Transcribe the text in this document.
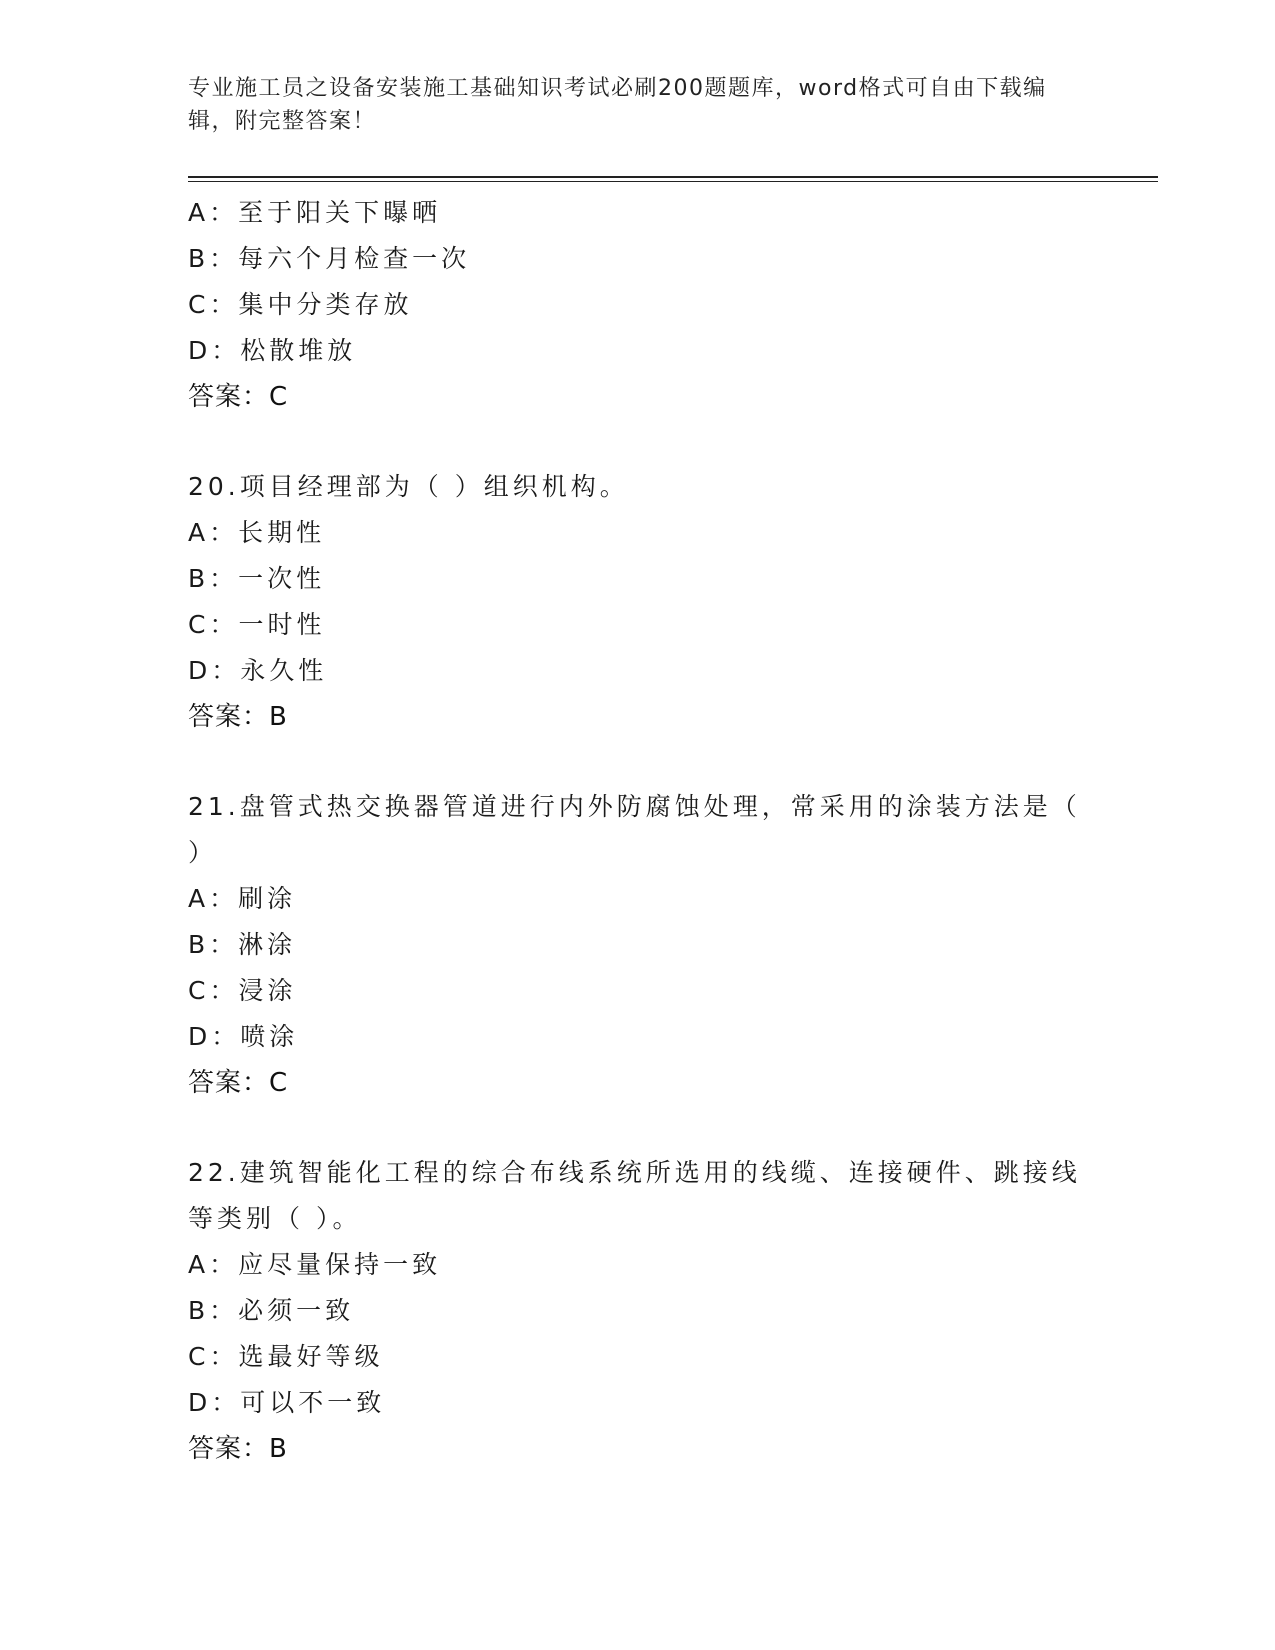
专业施工员之设备安装施工基础知识考试必刷200题题库，word格式可自由下载编辑，附完整答案！
A：至于阳关下曝晒
B：每六个月检查一次
C：集中分类存放
D：松散堆放
答案：C
20.项目经理部为（ ）组织机构。
A：长期性
B：一次性
C：一时性
D：永久性
答案：B
21.盘管式热交换器管道进行内外防腐蚀处理，常采用的涂装方法是（
）
A：刷涂
B：淋涂
C：浸涂
D：喷涂
答案：C
22.建筑智能化工程的综合布线系统所选用的线缆、连接硬件、跳接线
等类别（ ）。
A：应尽量保持一致
B：必须一致
C：选最好等级
D：可以不一致
答案：B
